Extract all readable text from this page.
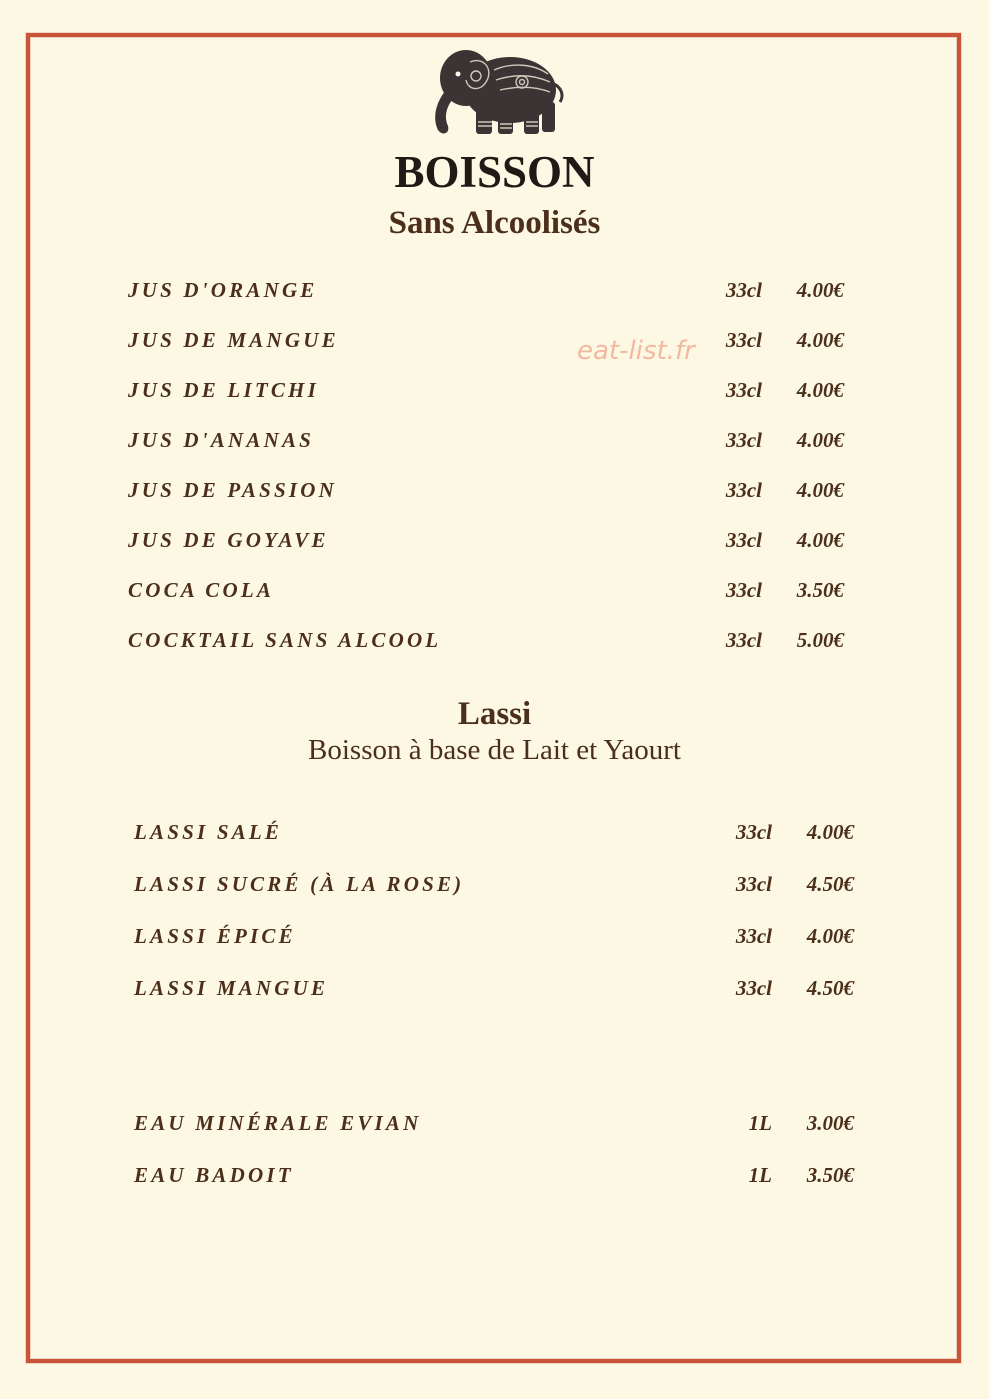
BOISSON
Sans Alcoolisés
eat-list.fr
JUS D'ORANGE	33cl 4.00€
JUS DE MANGUE	33cl 4.00€
JUS DE LITCHI	33cl 4.00€
JUS D'ANANAS	33cl 4.00€
JUS DE PASSION	33cl 4.00€
JUS DE GOYAVE	33cl 4.00€
COCA COLA	33cl 3.50€
COCKTAIL SANS ALCOOL	33cl 5.00€
Lassi
Boisson à base de Lait et Yaourt
LASSI SALÉ	33cl 4.00€
LASSI SUCRÉ (À LA ROSE)	33cl 4.50€
LASSI ÉPICÉ	33cl 4.00€
LASSI MANGUE	33cl 4.50€
EAU MINÉRALE EVIAN	1L 3.00€
EAU BADOIT	1L 3.50€
